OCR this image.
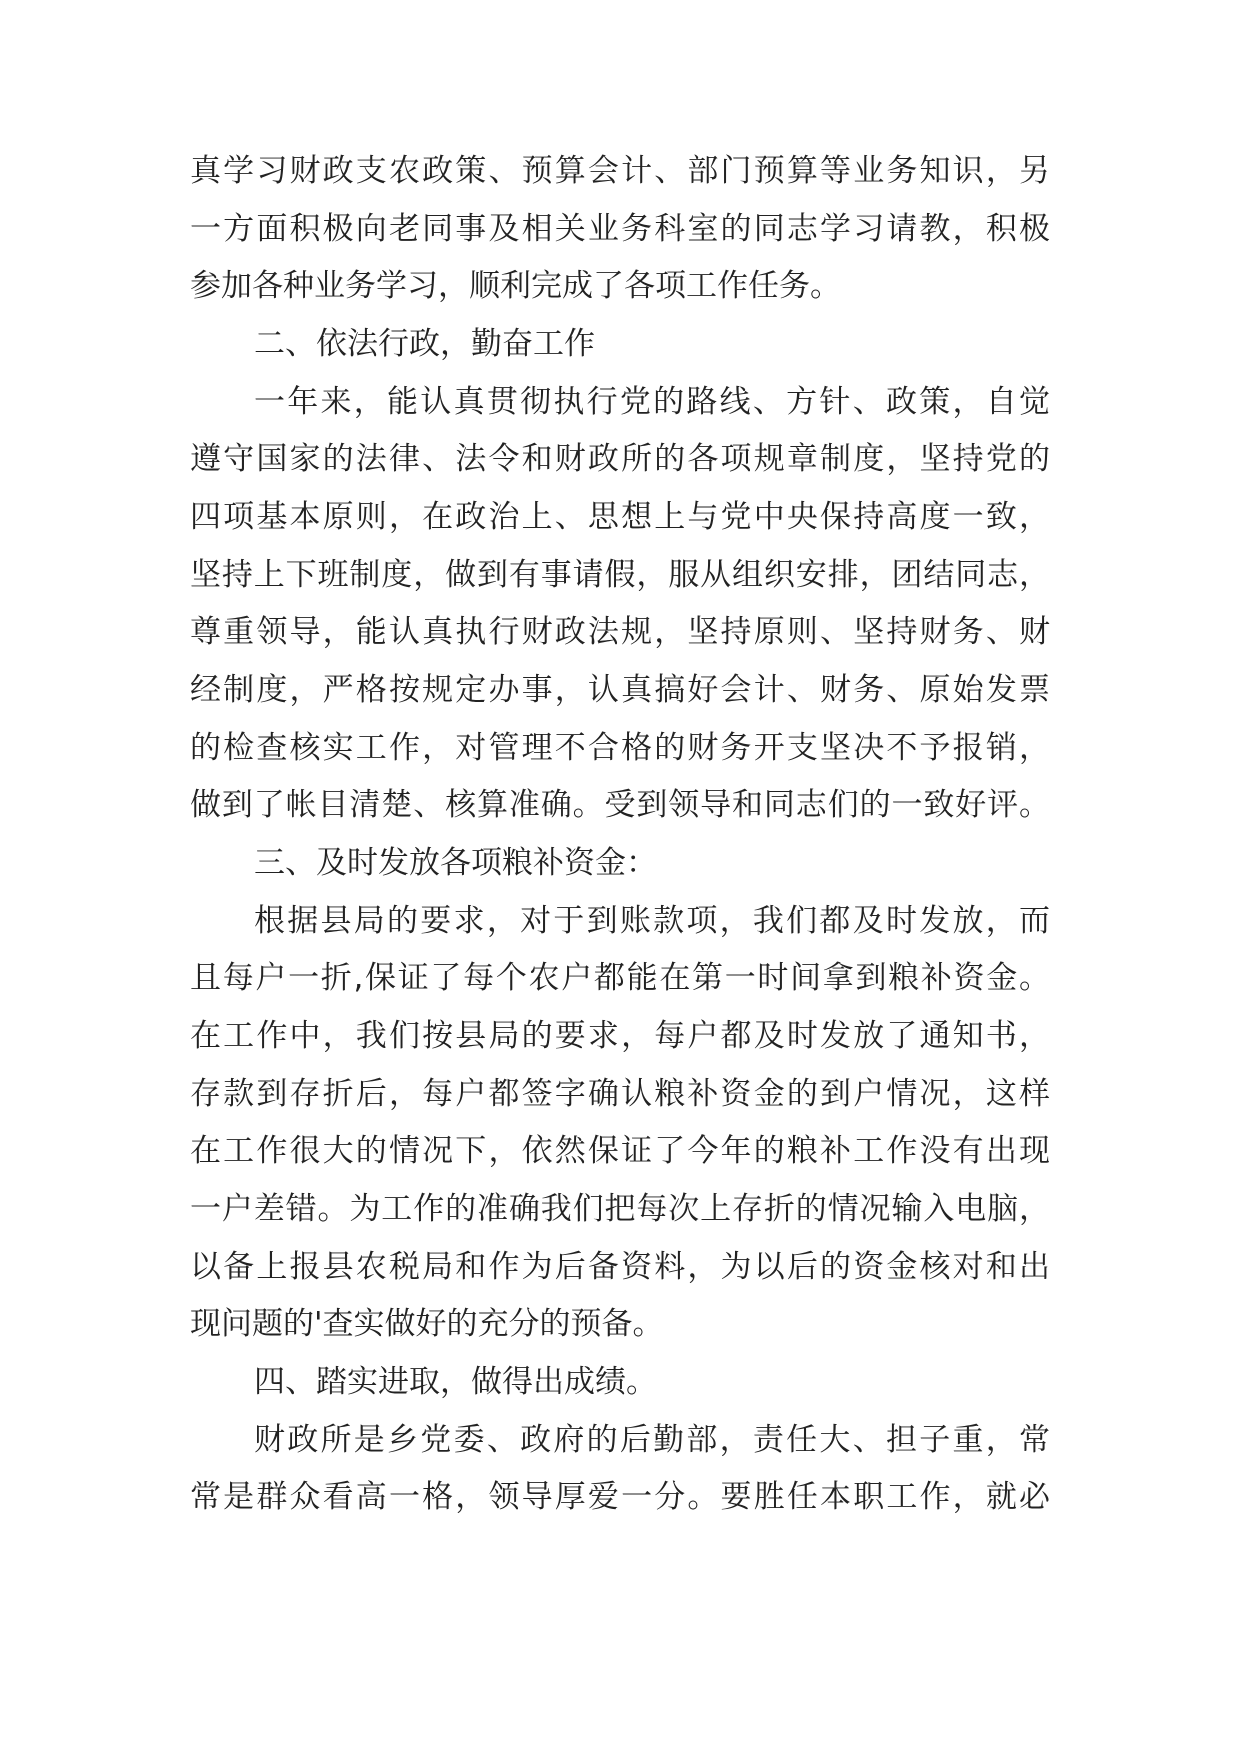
真学习财政支农政策、预算会计、部门预算等业务知识，另
一方面积极向老同事及相关业务科室的同志学习请教，积极
参加各种业务学习，顺利完成了各项工作任务。
二、依法行政，勤奋工作
一年来，能认真贯彻执行党的路线、方针、政策，自觉
遵守国家的法律、法令和财政所的各项规章制度，坚持党的
四项基本原则，在政治上、思想上与党中央保持高度一致，
坚持上下班制度，做到有事请假，服从组织安排，团结同志，
尊重领导，能认真执行财政法规，坚持原则、坚持财务、财
经制度，严格按规定办事，认真搞好会计、财务、原始发票
的检查核实工作，对管理不合格的财务开支坚决不予报销，
做到了帐目清楚、核算准确。受到领导和同志们的一致好评。
三、及时发放各项粮补资金：
根据县局的要求，对于到账款项，我们都及时发放，而
且每户一折,保证了每个农户都能在第一时间拿到粮补资金。
在工作中，我们按县局的要求，每户都及时发放了通知书，
存款到存折后，每户都签字确认粮补资金的到户情况，这样
在工作很大的情况下，依然保证了今年的粮补工作没有出现
一户差错。为工作的准确我们把每次上存折的情况输入电脑，
以备上报县农税局和作为后备资料，为以后的资金核对和出
现问题的'查实做好的充分的预备。
四、踏实进取，做得出成绩。
财政所是乡党委、政府的后勤部，责任大、担子重，常
常是群众看高一格，领导厚爱一分。要胜任本职工作，就必
